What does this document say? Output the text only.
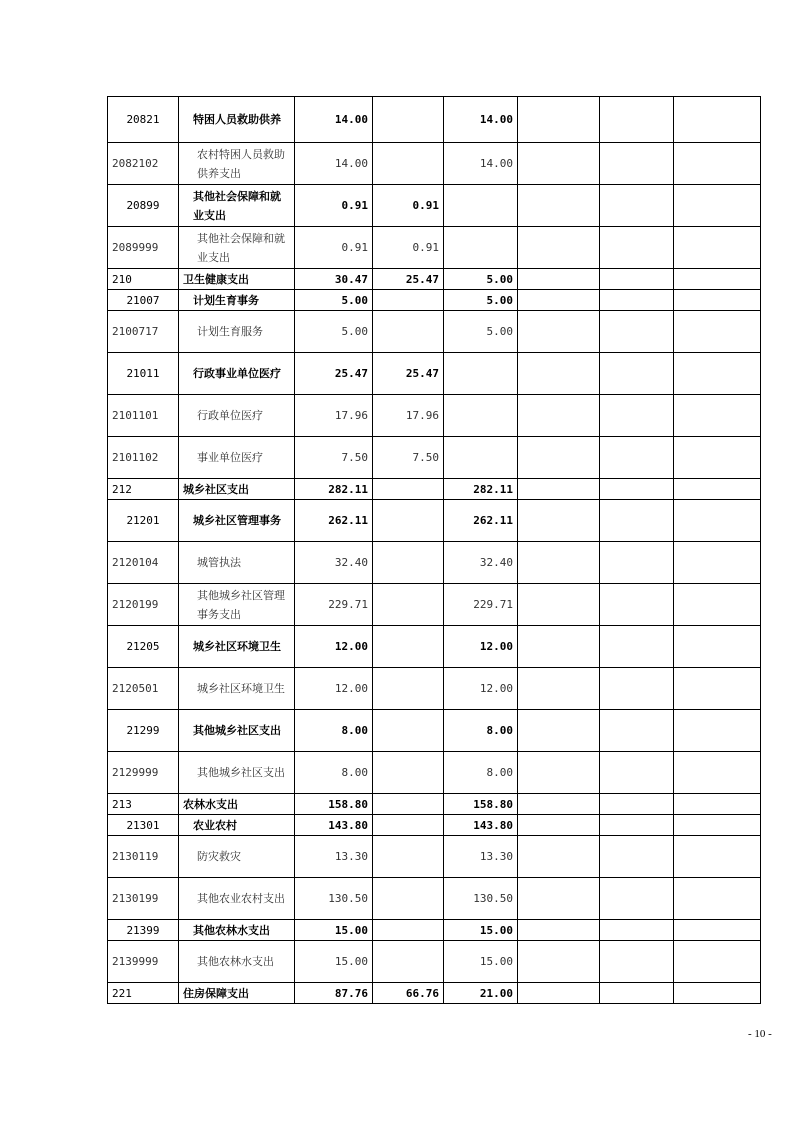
20821	特困人员救助供养	14.00		14.00			
2082102	农村特困人员救助供养支出	14.00		14.00			
20899	其他社会保障和就业支出	0.91	0.91				
2089999	其他社会保障和就业支出	0.91	0.91				
210	卫生健康支出	30.47	25.47	5.00			
21007	计划生育事务	5.00		5.00			
2100717	计划生育服务	5.00		5.00			
21011	行政事业单位医疗	25.47	25.47				
2101101	行政单位医疗	17.96	17.96				
2101102	事业单位医疗	7.50	7.50				
212	城乡社区支出	282.11		282.11			
21201	城乡社区管理事务	262.11		262.11			
2120104	城管执法	32.40		32.40			
2120199	其他城乡社区管理事务支出	229.71		229.71			
21205	城乡社区环境卫生	12.00		12.00			
2120501	城乡社区环境卫生	12.00		12.00			
21299	其他城乡社区支出	8.00		8.00			
2129999	其他城乡社区支出	8.00		8.00			
213	农林水支出	158.80		158.80			
21301	农业农村	143.80		143.80			
2130119	防灾救灾	13.30		13.30			
2130199	其他农业农村支出	130.50		130.50			
21399	其他农林水支出	15.00		15.00			
2139999	其他农林水支出	15.00		15.00			
221	住房保障支出	87.76	66.76	21.00			
- 10 -
